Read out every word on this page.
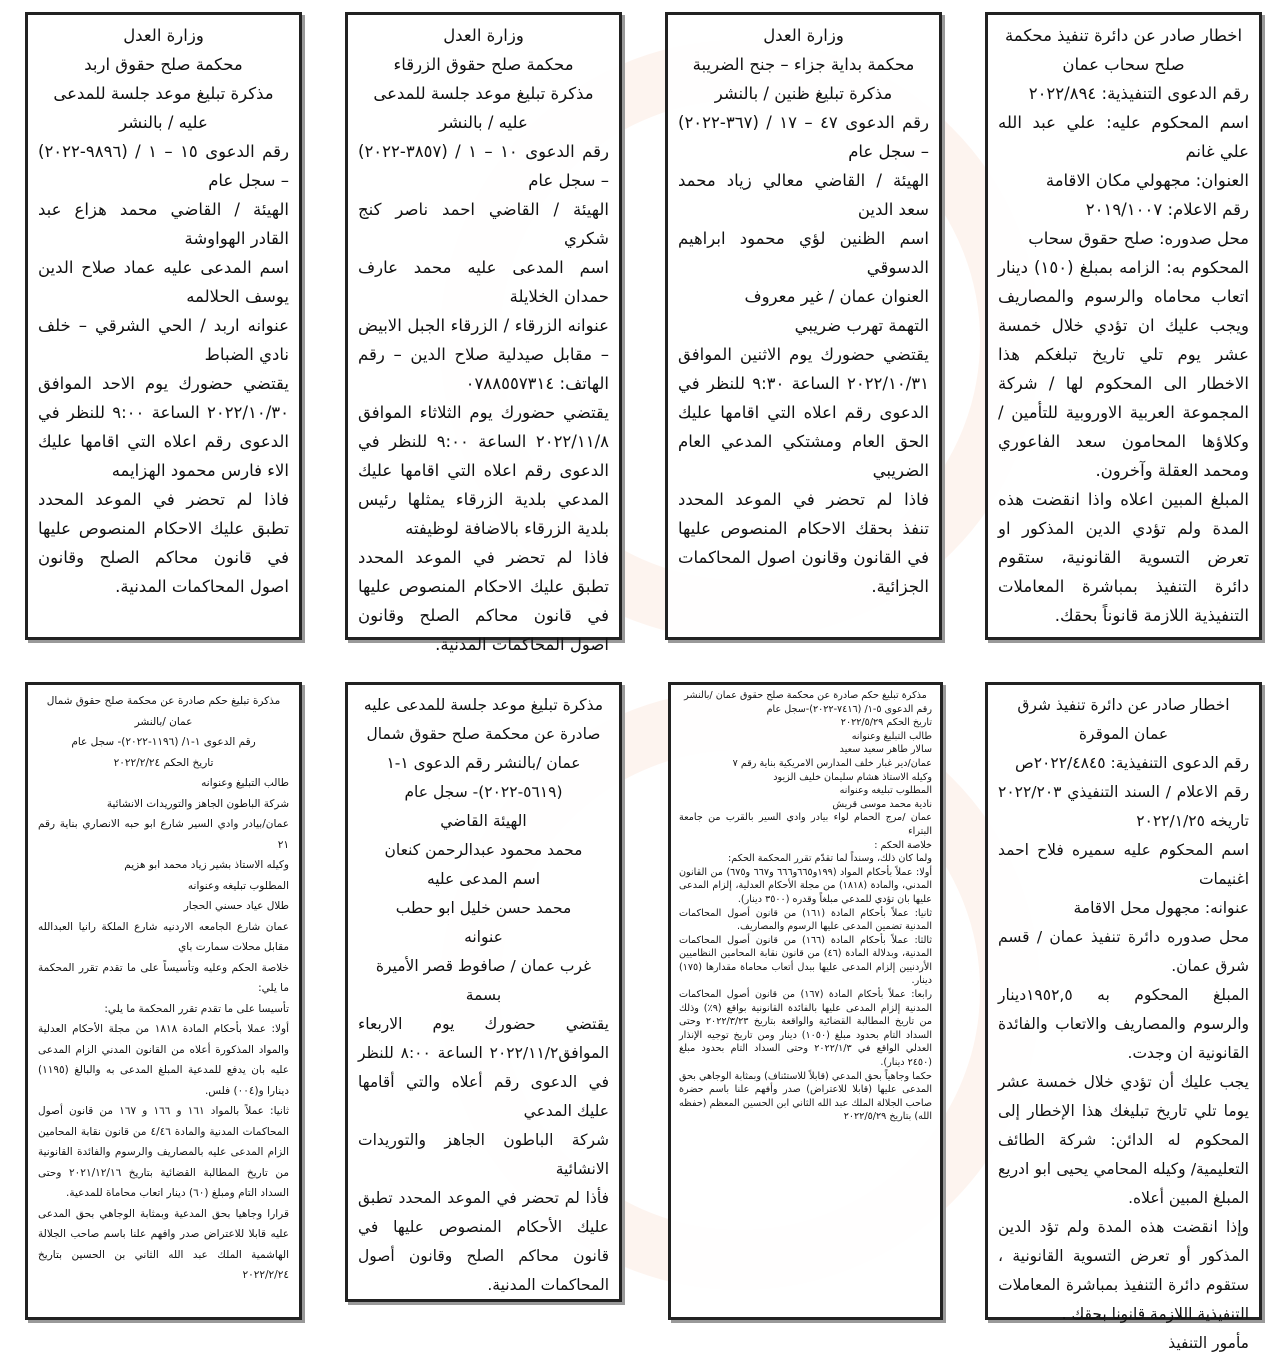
اخطار صادر عن دائرة تنفيذ محكمة صلح سحاب عمان

رقم الدعوى التنفيذية: ٢٠٢٢/٨٩٤

اسم المحكوم عليه: علي عبد الله علي غانم

العنوان: مجهولي مكان الاقامة

رقم الاعلام: ٢٠١٩/١٠٠٧

محل صدوره: صلح حقوق سحاب

المحكوم به: الزامه بمبلغ (١٥٠) دينار اتعاب محاماه والرسوم والمصاريف ويجب عليك ان تؤدي خلال خمسة عشر يوم تلي تاريخ تبلغكم هذا الاخطار الى المحكوم لها / شركة المجموعة العربية الاوروبية للتأمين / وكلاؤها المحامون سعد الفاعوري ومحمد العقلة وآخرون.

المبلغ المبين اعلاه واذا انقضت هذه المدة ولم تؤدي الدين المذكور او تعرض التسوية القانونية، ستقوم دائرة التنفيذ بمباشرة المعاملات التنفيذية اللازمة قانوناً بحقك.

وزارة العدل

محكمة بداية جزاء – جنح الضريبة

مذكرة تبليغ ظنين / بالنشر

رقم الدعوى ٤٧ – ١٧ / (٣٦٧-٢٠٢٢) – سجل عام

الهيئة / القاضي معالي زياد محمد سعد الدين

اسم الظنين لؤي محمود ابراهيم الدسوقي

العنوان عمان / غير معروف

التهمة تهرب ضريبي

يقتضي حضورك يوم الاثنين الموافق ٢٠٢٢/١٠/٣١ الساعة ٩:٣٠ للنظر في الدعوى رقم اعلاه التي اقامها عليك الحق العام ومشتكي المدعي العام الضريبي

فاذا لم تحضر في الموعد المحدد تنفذ بحقك الاحكام المنصوص عليها في القانون وقانون اصول المحاكمات الجزائية.

وزارة العدل

محكمة صلح حقوق الزرقاء

مذكرة تبليغ موعد جلسة للمدعى عليه / بالنشر

رقم الدعوى ١٠ – ١ / (٣٨٥٧-٢٠٢٢) – سجل عام

الهيئة / القاضي احمد ناصر كنج شكري

اسم المدعى عليه محمد عارف حمدان الخلايلة

عنوانه الزرقاء / الزرقاء الجبل الابيض – مقابل صيدلية صلاح الدين – رقم الهاتف: ٠٧٨٨٥٥٧٣١٤

يقتضي حضورك يوم الثلاثاء الموافق ٢٠٢٢/١١/٨ الساعة ٩:٠٠ للنظر في الدعوى رقم اعلاه التي اقامها عليك المدعي بلدية الزرقاء يمثلها رئيس بلدية الزرقاء بالاضافة لوظيفته

فاذا لم تحضر في الموعد المحدد تطبق عليك الاحكام المنصوص عليها في قانون محاكم الصلح وقانون اصول المحاكمات المدنية.

وزارة العدل

محكمة صلح حقوق اربد

مذكرة تبليغ موعد جلسة للمدعى عليه / بالنشر

رقم الدعوى ١٥ – ١ / (٩٨٩٦-٢٠٢٢) – سجل عام

الهيئة / القاضي محمد هزاع عبد القادر الهواوشة

اسم المدعى عليه عماد صلاح الدين يوسف الحلالمه

عنوانه اربد / الحي الشرقي – خلف نادي الضباط

يقتضي حضورك يوم الاحد الموافق ٢٠٢٢/١٠/٣٠ الساعة ٩:٠٠ للنظر في الدعوى رقم اعلاه التي اقامها عليك الاء فارس محمود الهزايمه

فاذا لم تحضر في الموعد المحدد تطبق عليك الاحكام المنصوص عليها في قانون محاكم الصلح وقانون اصول المحاكمات المدنية.

اخطار صادر عن دائرة تنفيذ شرق عمان الموقرة

رقم الدعوى التنفيذية: ٢٠٢٢/٤٨٤٥ص

رقم الاعلام / السند التنفيذي ٢٠٢٢/٢٠٣ تاريخه ٢٠٢٢/١/٢٥

اسم المحكوم عليه سميره فلاح احمد اغنيمات

عنوانه: مجهول محل الاقامة

محل صدوره دائرة تنفيذ عمان / قسم شرق عمان.

المبلغ المحكوم به ١٩٥٢,٥دينار والرسوم والمصاريف والاتعاب والفائدة القانونية ان وجدت.

يجب عليك أن تؤدي خلال خمسة عشر يوما تلي تاريخ تبليغك هذا الإخطار إلى المحكوم له الدائن: شركة الطائف التعليمية/ وكيله المحامي يحيى ابو ادريع المبلغ المبين أعلاه.

وإذا انقضت هذه المدة ولم تؤد الدين المذكور أو تعرض التسوية القانونية ، ستقوم دائرة التنفيذ بمباشرة المعاملات التنفيذية اللازمة قانونا بحقك .

مأمور التنفيذ

مذكرة تبليغ حكم صادرة عن محكمة صلح حقوق عمان /بالنشر

رقم الدعوى ٥-١/ (٧٤١٦-٢٠٢٢)-سجل عام

تاريخ الحكم ٢٠٢٢/٥/٢٩

طالب التبليغ وعنوانه

سالار طاهر سعيد سعيد

عمان/دير غبار خلف المدارس الامريكية بناية رقم ٧

وكيله الاستاذ هشام سليمان خليف الزيود

المطلوب تبليغه وعنوانه

نادية محمد موسى قريش

عمان /مرج الحمام لواء بيادر وادي السير بالقرب من جامعة البتراء

خلاصة الحكم :

ولما كان ذلك، وسنداً لما تقدّم تقرر المحكمة الحكم:

أولا: عملاً بأحكام المواد (١٩٩و٦٦٥و٦٦٦ و٦٦٧ و٦٧٥) من القانون المدني، والمادة (١٨١٨) من مجلة الأحكام العدلية، إلزام المدعى عليها بان تؤدي للمدعي مبلغاً وقدره (٣٥٠٠ دينار).

ثانيا: عملاً بأحكام المادة (١٦١) من قانون أصول المحاكمات المدنية تضمين المدعى عليها الرسوم والمصاريف.

ثالثا: عملاً بأحكام المادة (١٦٦) من قانون أصول المحاكمات المدنية، وبدلالة المادة (٤٦) من قانون نقابة المحامين النظاميين الأردنيين إلزام المدعى عليها ببدل أتعاب محاماة مقدارها (١٧٥) دينار.

رابعا: عملاً بأحكام المادة (١٦٧) من قانون أصول المحاكمات المدنية إلزام المدعى عليها بالفائدة القانونية بواقع (٩٪) وذلك من تاريخ المطالبة القضائية والواقعة بتاريخ ٢٠٢٢/٣/٢٣ وحتى السداد التام بحدود مبلغ (١٠٥٠) دينار ومن تاريخ توجيه الإنذار العدلي الواقع في ٢٠٢٢/١/٣ وحتى السداد التام بحدود مبلغ (٢٤٥٠ دينار).

حكما وجاهياً بحق المدعي (قابلاً للاستئناف) وبمثابة الوجاهي بحق المدعى عليها (قابلا للاعتراض) صدر وأفهم علنا باسم حضرة صاحب الجلالة الملك عبد الله الثاني ابن الحسين المعظم (حفظه الله) بتاريخ ٢٠٢٢/٥/٢٩

مذكرة تبليغ موعد جلسة للمدعى عليه صادرة عن محكمة صلح حقوق شمال عمان /بالنشر رقم الدعوى ١-١ (٥٦١٩-٢٠٢٢)- سجل عام

الهيئة القاضي

محمد محمود عبدالرحمن كنعان

اسم المدعى عليه

محمد حسن خليل ابو حطب

عنوانه

غرب عمان / صافوط قصر الأميرة بسمة

يقتضي حضورك يوم الاربعاء الموافق٢٠٢٢/١١/٢ الساعة ٨:٠٠ للنظر في الدعوى رقم أعلاه والتي أقامها عليك المدعي

شركة الباطون الجاهز والتوريدات الانشائية

فأذا لم تحضر في الموعد المحدد تطبق عليك الأحكام المنصوص عليها في قانون محاكم الصلح وقانون أصول المحاكمات المدنية.

مذكرة تبليغ حكم صادرة عن محكمة صلح حقوق شمال عمان /بالنشر

رقم الدعوى ١-١/ (١١٩٦-٢٠٢٢)- سجل عام

تاريخ الحكم ٢٠٢٢/٢/٢٤

طالب التبليغ وعنوانه

شركة الباطون الجاهز والتوريدات الانشائية

عمان/بيادر وادي السير شارع ابو حبه الانصاري بناية رقم ٢١

وكيله الاستاذ بشير زياد محمد ابو هزيم

المطلوب تبليغه وعنوانه

طلال عياد حسني الحجار

عمان شارع الجامعه الاردنيه شارع الملكة رانيا العبدالله مقابل محلات سمارت باي

خلاصة الحكم وعليه وتأسيساً على ما تقدم تقرر المحكمة ما يلي:

تأسيسا على ما تقدم تقرر المحكمة ما يلي:

أولا: عملا بأحكام المادة ١٨١٨ من مجلة الأحكام العدلية والمواد المذكورة أعلاه من القانون المدني الزام المدعى عليه بان يدفع للمدعية المبلغ المدعى به والبالغ (١١٩٥) دينارا و(٠٠٤) فلس.

ثانيا: عملاً بالمواد ١٦١ و ١٦٦ و ١٦٧ من قانون أصول المحاكمات المدنية والمادة ٤/٤٦ من قانون نقابة المحامين الزام المدعى عليه بالمصاريف والرسوم والفائدة القانونية من تاريخ المطالبة القضائية بتاريخ ٢٠٢١/١٢/١٦ وحتى السداد التام ومبلغ (٦٠) دينار اتعاب محاماة للمدعية.

قرارا وجاهيا بحق المدعية وبمثابة الوجاهي بحق المدعى عليه قابلا للاعتراض صدر وافهم علنا باسم صاحب الجلالة الهاشمية الملك عبد الله الثاني بن الحسين بتاريخ ٢٠٢٢/٢/٢٤
